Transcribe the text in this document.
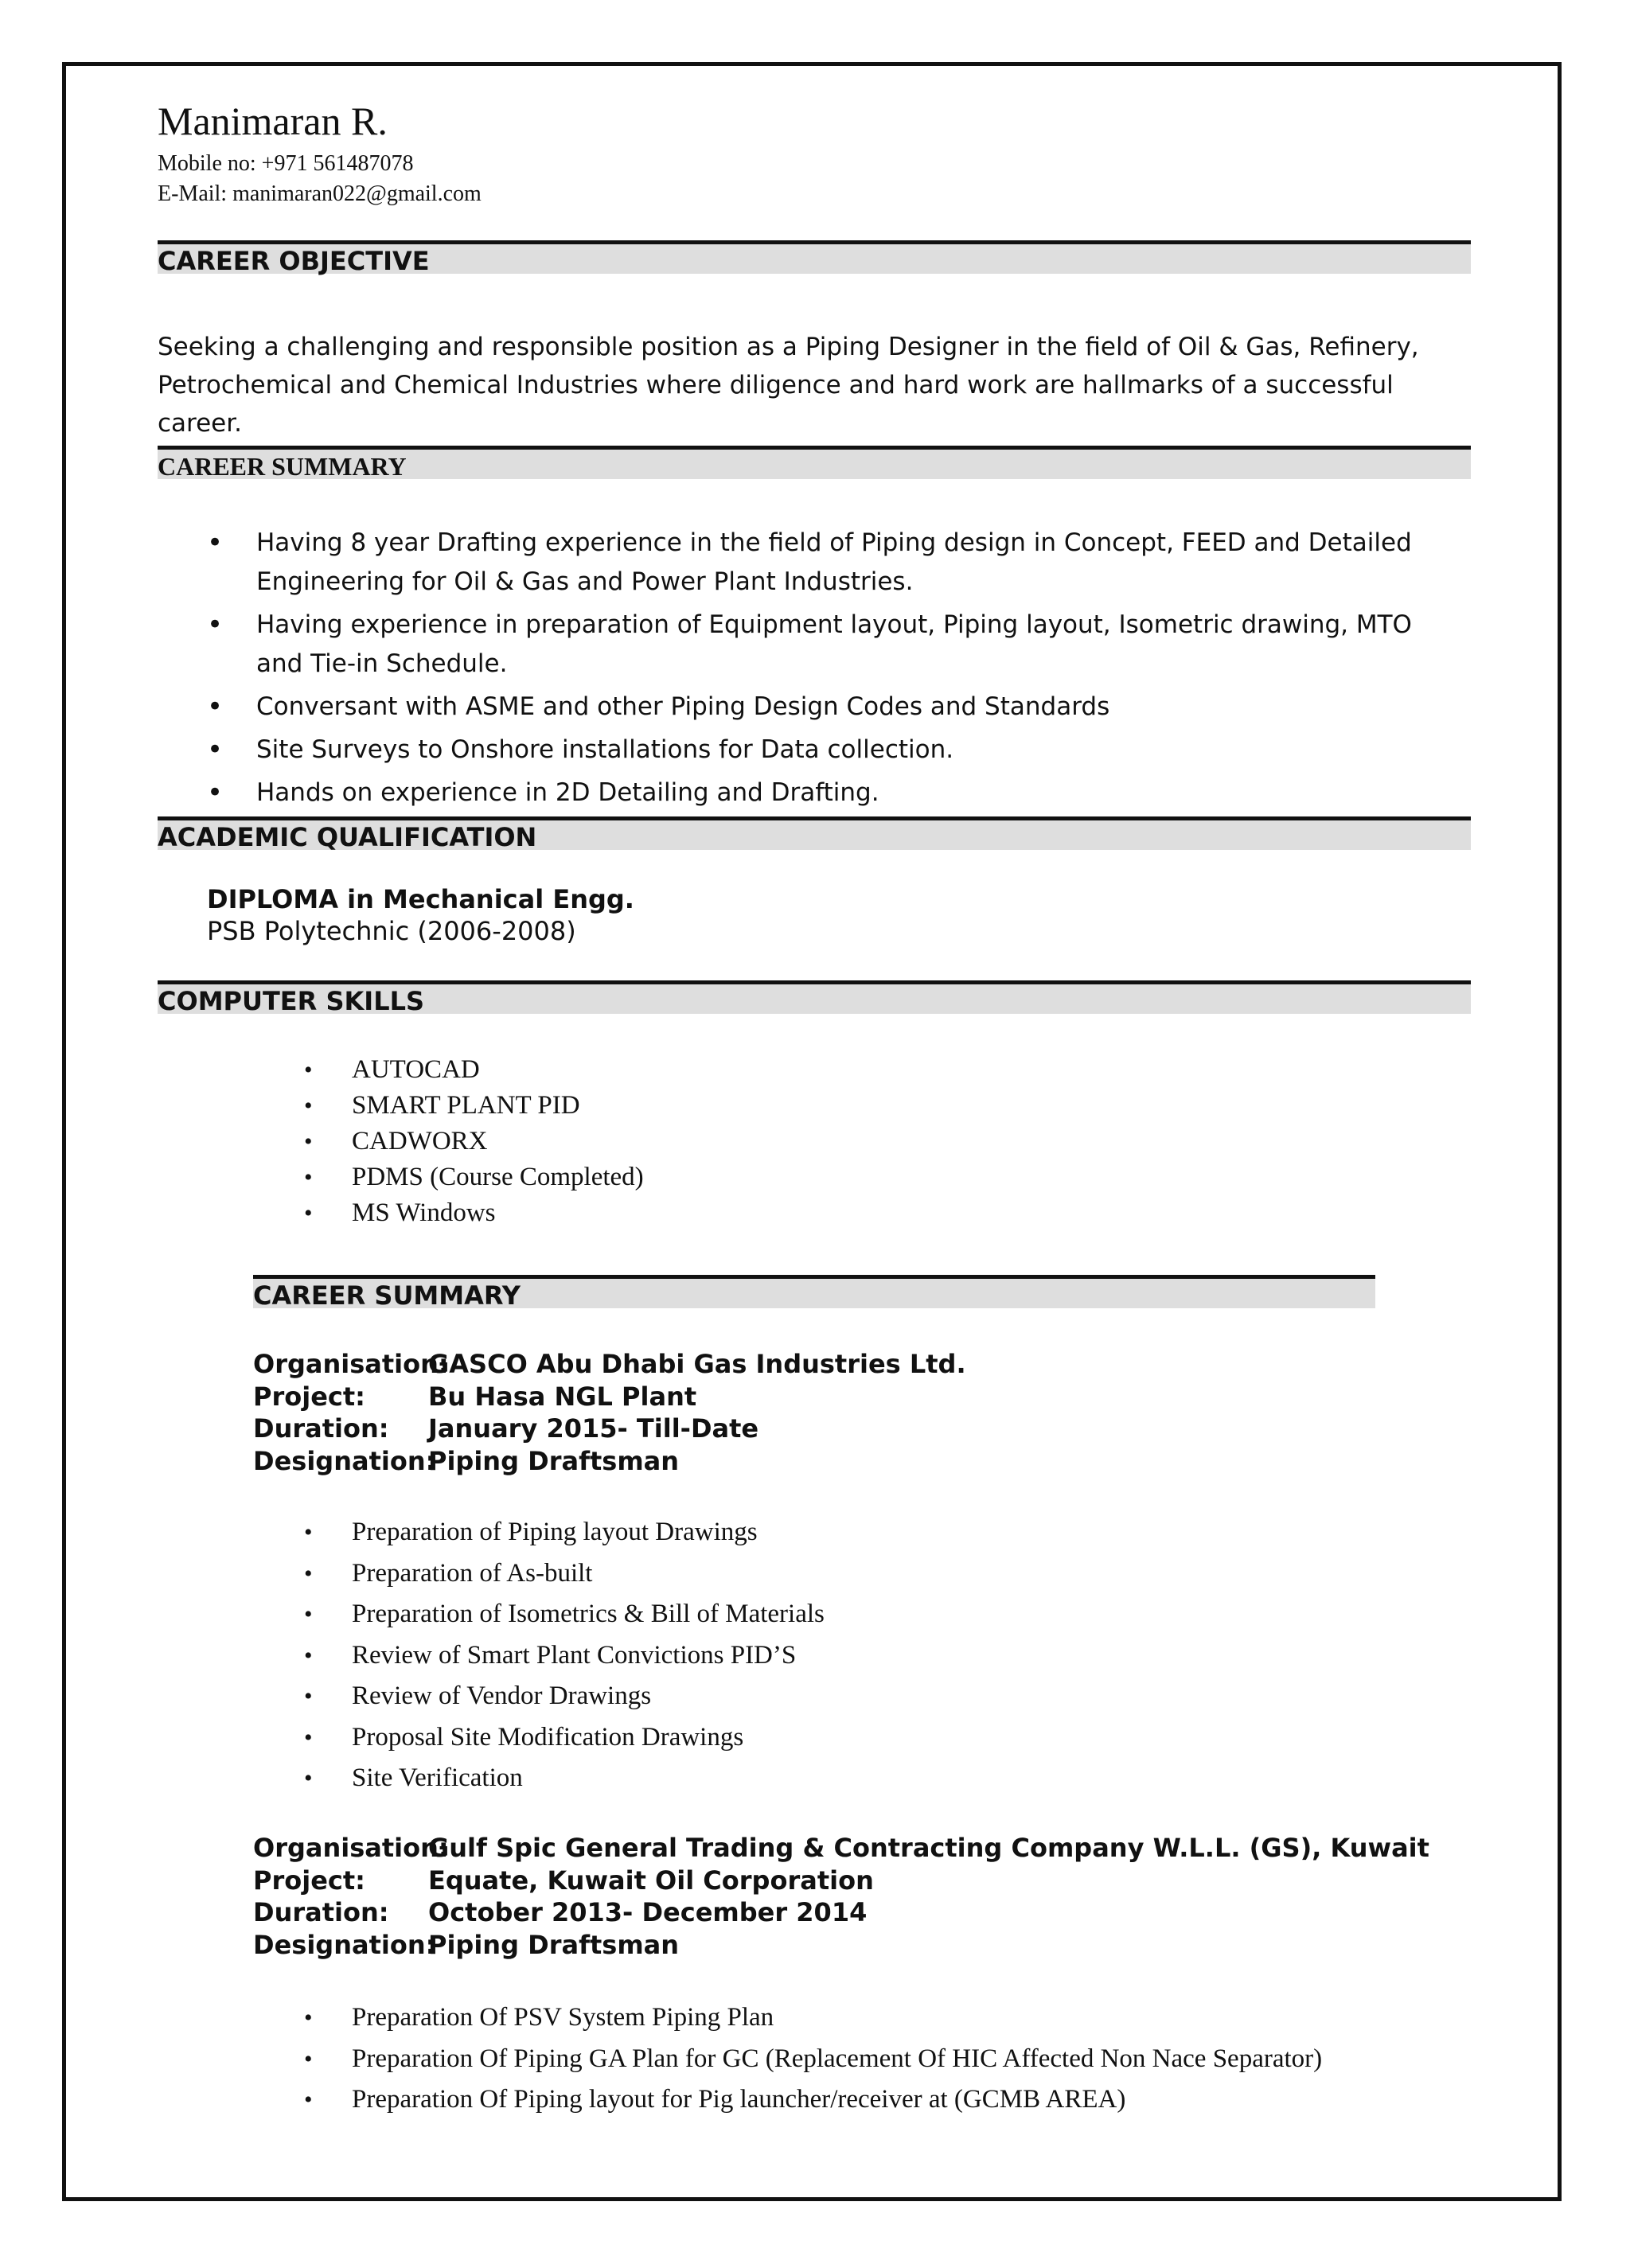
Manimaran R.
Mobile no: +971 561487078
E-Mail: manimaran022@gmail.com
CAREER OBJECTIVE
Seeking a challenging and responsible position as a Piping Designer in the field of Oil & Gas, Refinery,
Petrochemical and Chemical Industries where diligence and hard work are hallmarks of a successful career.
CAREER SUMMARY
• Having 8 year Drafting experience in the field of Piping design in Concept, FEED and Detailed Engineering for Oil & Gas and Power Plant Industries.
• Having experience in preparation of Equipment layout, Piping layout, Isometric drawing, MTO and Tie-in Schedule.
• Conversant with ASME and other Piping Design Codes and Standards
• Site Surveys to Onshore installations for Data collection.
• Hands on experience in 2D Detailing and Drafting.
ACADEMIC QUALIFICATION
DIPLOMA in Mechanical Engg.
PSB Polytechnic (2006-2008)
COMPUTER SKILLS
• AUTOCAD
• SMART PLANT PID
• CADWORX
• PDMS (Course Completed)
• MS Windows
CAREER SUMMARY
Organisation:
GASCO Abu Dhabi Gas Industries Ltd.
Project: Bu Hasa NGL Plant
Duration: January 2015- Till-Date
Designation:
Piping Draftsman
• Preparation of Piping layout Drawings
• Preparation of As-built
• Preparation of Isometrics & Bill of Materials
• Review of Smart Plant Convictions PID’S
• Review of Vendor Drawings
• Proposal Site Modification Drawings
• Site Verification
Organisation:
Gulf Spic General Trading & Contracting Company W.L.L. (GS), Kuwait
Project: Equate, Kuwait Oil Corporation
Duration: October 2013- December 2014
Designation:
Piping Draftsman
• Preparation Of PSV System Piping Plan
• Preparation Of Piping GA Plan for GC (Replacement Of HIC Affected Non Nace Separator)
• Preparation Of Piping layout for Pig launcher/receiver at (GCMB AREA)
